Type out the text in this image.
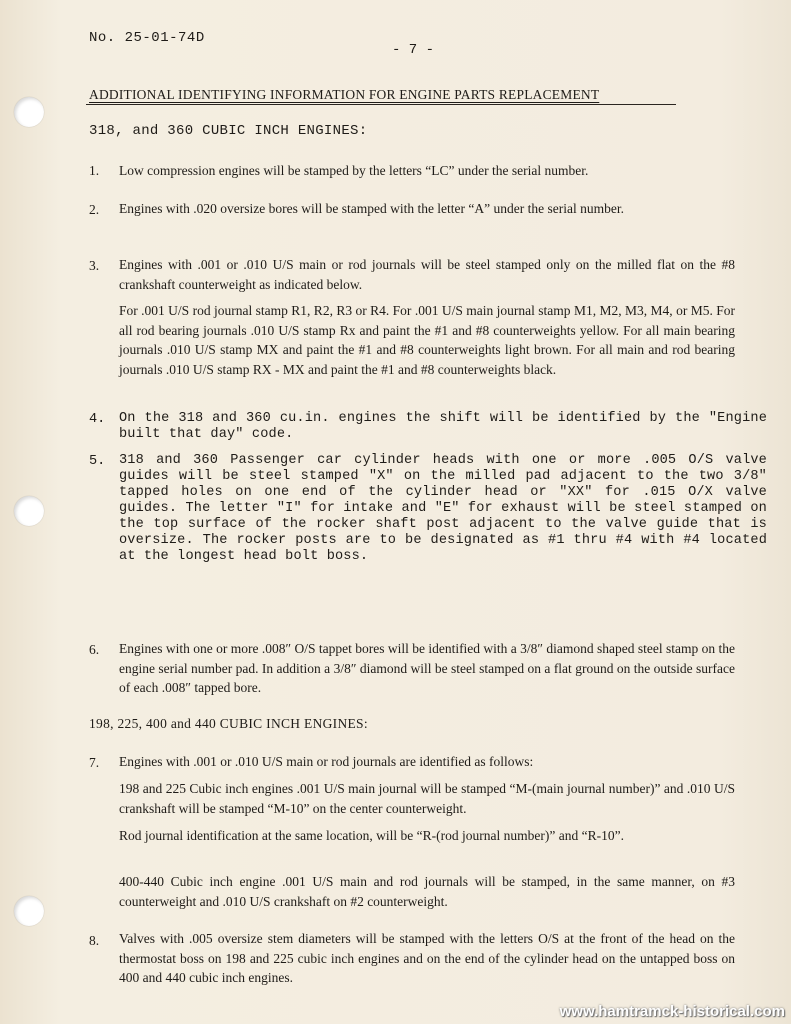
No. 25-01-74D
- 7 -
ADDITIONAL IDENTIFYING INFORMATION FOR ENGINE PARTS REPLACEMENT
318, and 360 CUBIC INCH ENGINES:
1. Low compression engines will be stamped by the letters “LC” under the serial number.
2. Engines with .020 oversize bores will be stamped with the letter “A” under the serial number.
3. Engines with .001 or .010 U/S main or rod journals will be steel stamped only on the milled flat on the #8 crankshaft counterweight as indicated below.
For .001 U/S rod journal stamp R1, R2, R3 or R4. For .001 U/S main journal stamp M1, M2, M3, M4, or M5. For all rod bearing journals .010 U/S stamp Rx and paint the #1 and #8 counterweights yellow. For all main bearing journals .010 U/S stamp MX and paint the #1 and #8 counterweights light brown. For all main and rod bearing journals .010 U/S stamp RX - MX and paint the #1 and #8 counterweights black.
4. On the 318 and 360 cu.in. engines the shift will be identified by the "Engine built that day" code.
5. 318 and 360 Passenger car cylinder heads with one or more .005 O/S valve guides will be steel stamped "X" on the milled pad adjacent to the two 3/8" tapped holes on one end of the cylinder head or "XX" for .015 O/X valve guides. The letter "I" for intake and "E" for exhaust will be steel stamped on the top surface of the rocker shaft post adjacent to the valve guide that is oversize. The rocker posts are to be designated as #1 thru #4 with #4 located at the longest head bolt boss.
6. Engines with one or more .008″ O/S tappet bores will be identified with a 3/8″ diamond shaped steel stamp on the engine serial number pad. In addition a 3/8″ diamond will be steel stamped on a flat ground on the outside surface of each .008″ tapped bore.
198, 225, 400 and 440 CUBIC INCH ENGINES:
7. Engines with .001 or .010 U/S main or rod journals are identified as follows:
198 and 225 Cubic inch engines .001 U/S main journal will be stamped “M-(main journal number)” and .010 U/S crankshaft will be stamped “M-10” on the center counterweight.
Rod journal identification at the same location, will be “R-(rod journal number)” and “R-10”.
400-440 Cubic inch engine .001 U/S main and rod journals will be stamped, in the same manner, on #3 counterweight and .010 U/S crankshaft on #2 counterweight.
8. Valves with .005 oversize stem diameters will be stamped with the letters O/S at the front of the head on the thermostat boss on 198 and 225 cubic inch engines and on the end of the cylinder head on the untapped boss on 400 and 440 cubic inch engines.
www.hamtramck-historical.com
